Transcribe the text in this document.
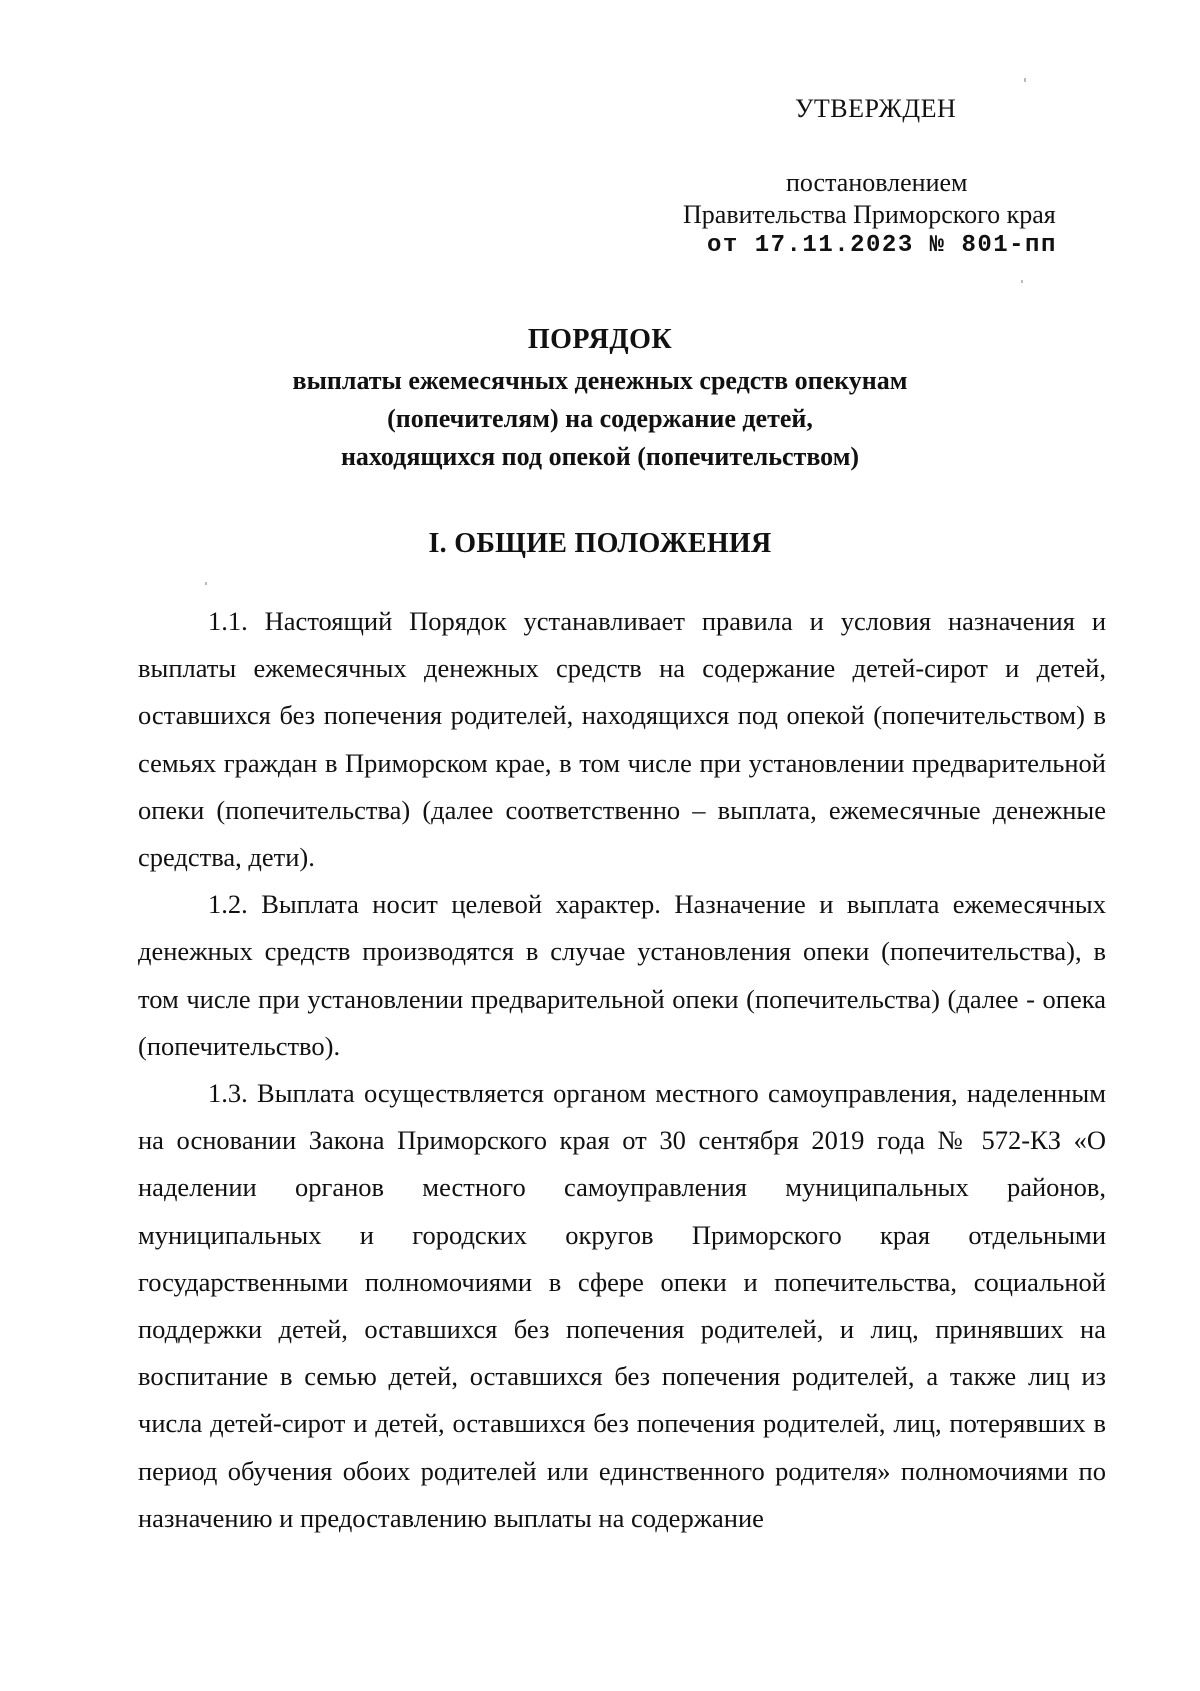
УТВЕРЖДЕН
постановлением
Правительства Приморского края
от 17.11.2023 № 801-пп
ПОРЯДОК
выплаты ежемесячных денежных средств опекунам
(попечителям) на содержание детей,
находящихся под опекой (попечительством)
I. ОБЩИЕ ПОЛОЖЕНИЯ

1.1. Настоящий Порядок устанавливает правила и условия назначения и выплаты ежемесячных денежных средств на содержание детей-сирот и детей, оставшихся без попечения родителей, находящихся под опекой (попечительством) в семьях граждан в Приморском крае, в том числе при установлении предварительной опеки (попечительства) (далее соответственно – выплата, ежемесячные денежные средства, дети).

1.2. Выплата носит целевой характер. Назначение и выплата ежемесячных денежных средств производятся в случае установления опеки (попечительства), в том числе при установлении предварительной опеки (попечительства) (далее - опека (попечительство).

1.3. Выплата осуществляется органом местного самоуправления, наделенным на основании Закона Приморского края от 30 сентября 2019 года № 572-КЗ «О наделении органов местного самоуправления муниципальных районов, муниципальных и городских округов Приморского края отдельными государственными полномочиями в сфере опеки и попечительства, социальной поддержки детей, оставшихся без попечения родителей, и лиц, принявших на воспитание в семью детей, оставшихся без попечения родителей, а также лиц из числа детей-сирот и детей, оставшихся без попечения родителей, лиц, потерявших в период обучения обоих родителей или единственного родителя» полномочиями по назначению и предоставлению выплаты на содержание
